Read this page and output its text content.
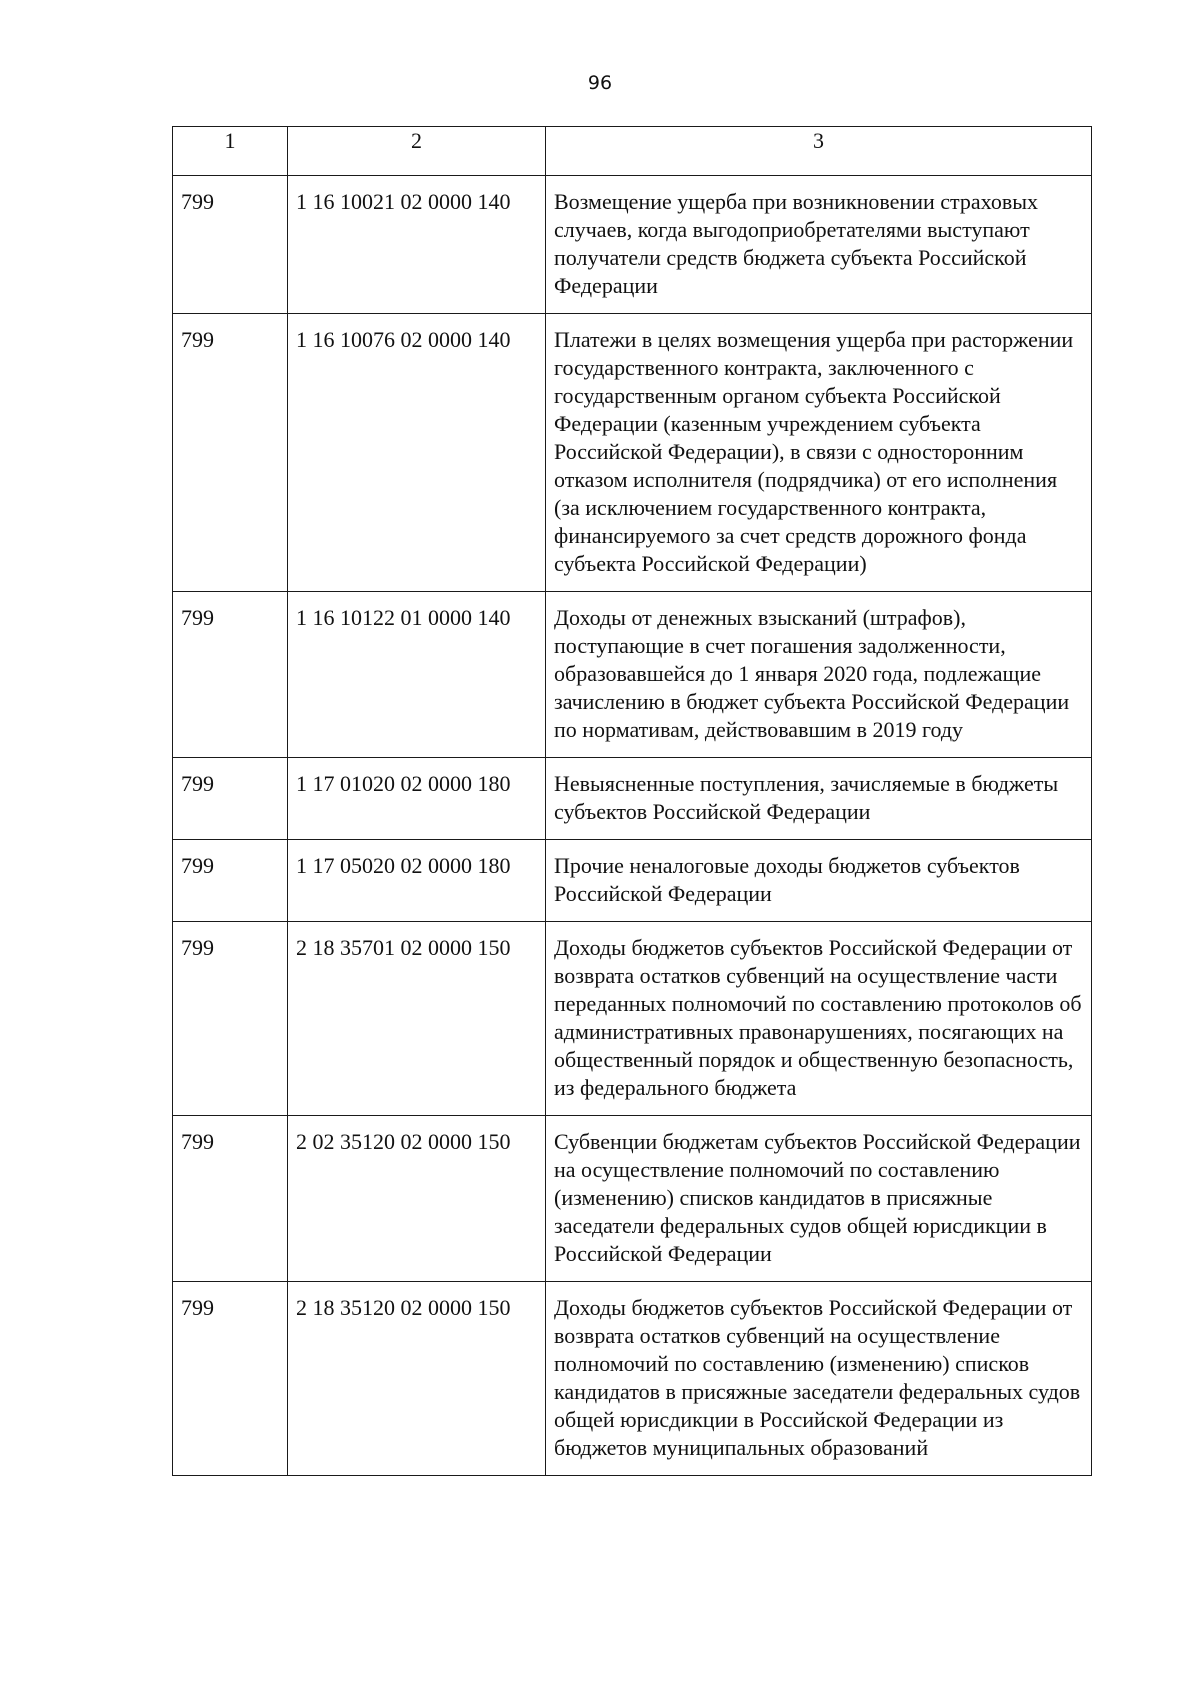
96
1	2	3
799	1 16 10021 02 0000 140	Возмещение ущерба при возникновении страховых случаев, когда выгодоприобретателями выступают получатели средств бюджета субъекта Российской Федерации
799	1 16 10076 02 0000 140	Платежи в целях возмещения ущерба при расторжении государственного контракта, заключенного с государственным органом субъекта Российской Федерации (казенным учреждением субъекта Российской Федерации), в связи с односторонним отказом исполнителя (подрядчика) от его исполнения (за исключением государственного контракта, финансируемого за счет средств дорожного фонда субъекта Российской Федерации)
799	1 16 10122 01 0000 140	Доходы от денежных взысканий (штрафов), поступающие в счет погашения задолженности, образовавшейся до 1 января 2020 года, подлежащие зачислению в бюджет субъекта Российской Федерации по нормативам, действовавшим в 2019 году
799	1 17 01020 02 0000 180	Невыясненные поступления, зачисляемые в бюджеты субъектов Российской Федерации
799	1 17 05020 02 0000 180	Прочие неналоговые доходы бюджетов субъектов Российской Федерации
799	2 18 35701 02 0000 150	Доходы бюджетов субъектов Российской Федерации от возврата остатков субвенций на осуществление части переданных полномочий по составлению протоколов об административных правонарушениях, посягающих на общественный порядок и общественную безопасность, из федерального бюджета
799	2 02 35120 02 0000 150	Субвенции бюджетам субъектов Российской Федерации на осуществление полномочий по составлению (изменению) списков кандидатов в присяжные заседатели федеральных судов общей юрисдикции в Российской Федерации
799	2 18 35120 02 0000 150	Доходы бюджетов субъектов Российской Федерации от возврата остатков субвенций на осуществление полномочий по составлению (изменению) списков кандидатов в присяжные заседатели федеральных судов общей юрисдикции в Российской Федерации из бюджетов муниципальных образований
